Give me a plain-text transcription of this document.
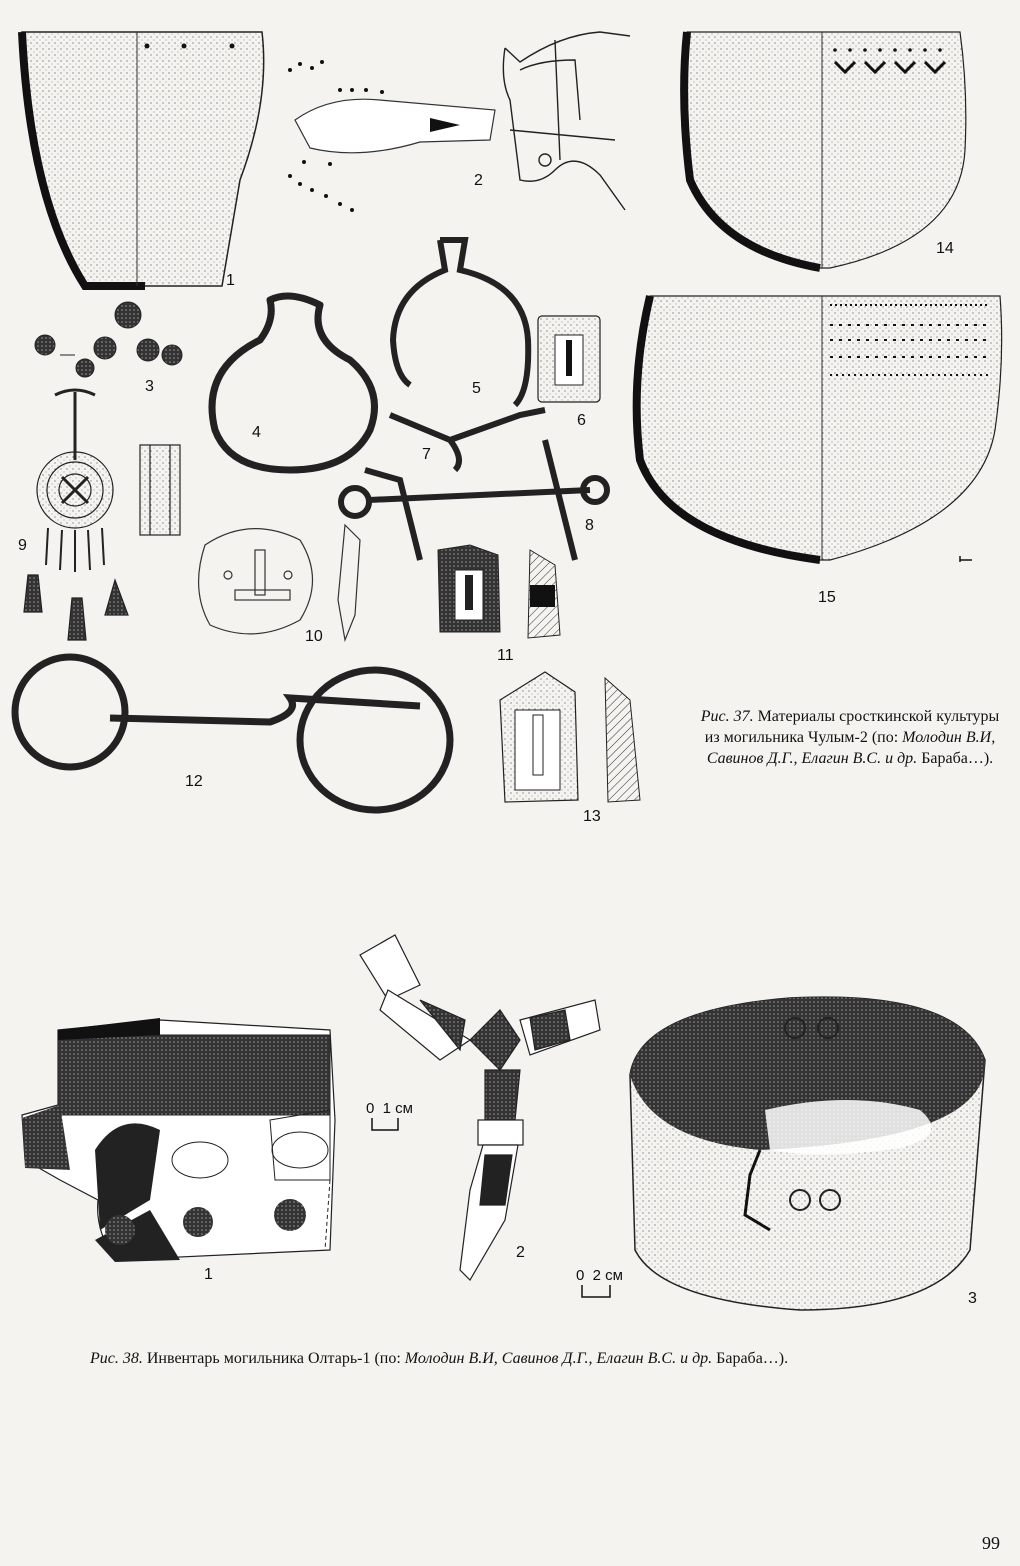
1
2
3
4
5
6
7
8
9
10
11
12
13
14
15
Рис. 37. Материалы сросткинской культуры из могильника Чулым-2 (по: Молодин В.И, Савинов Д.Г., Елагин В.С. и др. Бараба…).
1
2
3
0  1 см
0  2 см
Рис. 38. Инвентарь могильника Олтарь-1 (по: Молодин В.И, Савинов Д.Г., Елагин В.С. и др. Бараба…).
99
